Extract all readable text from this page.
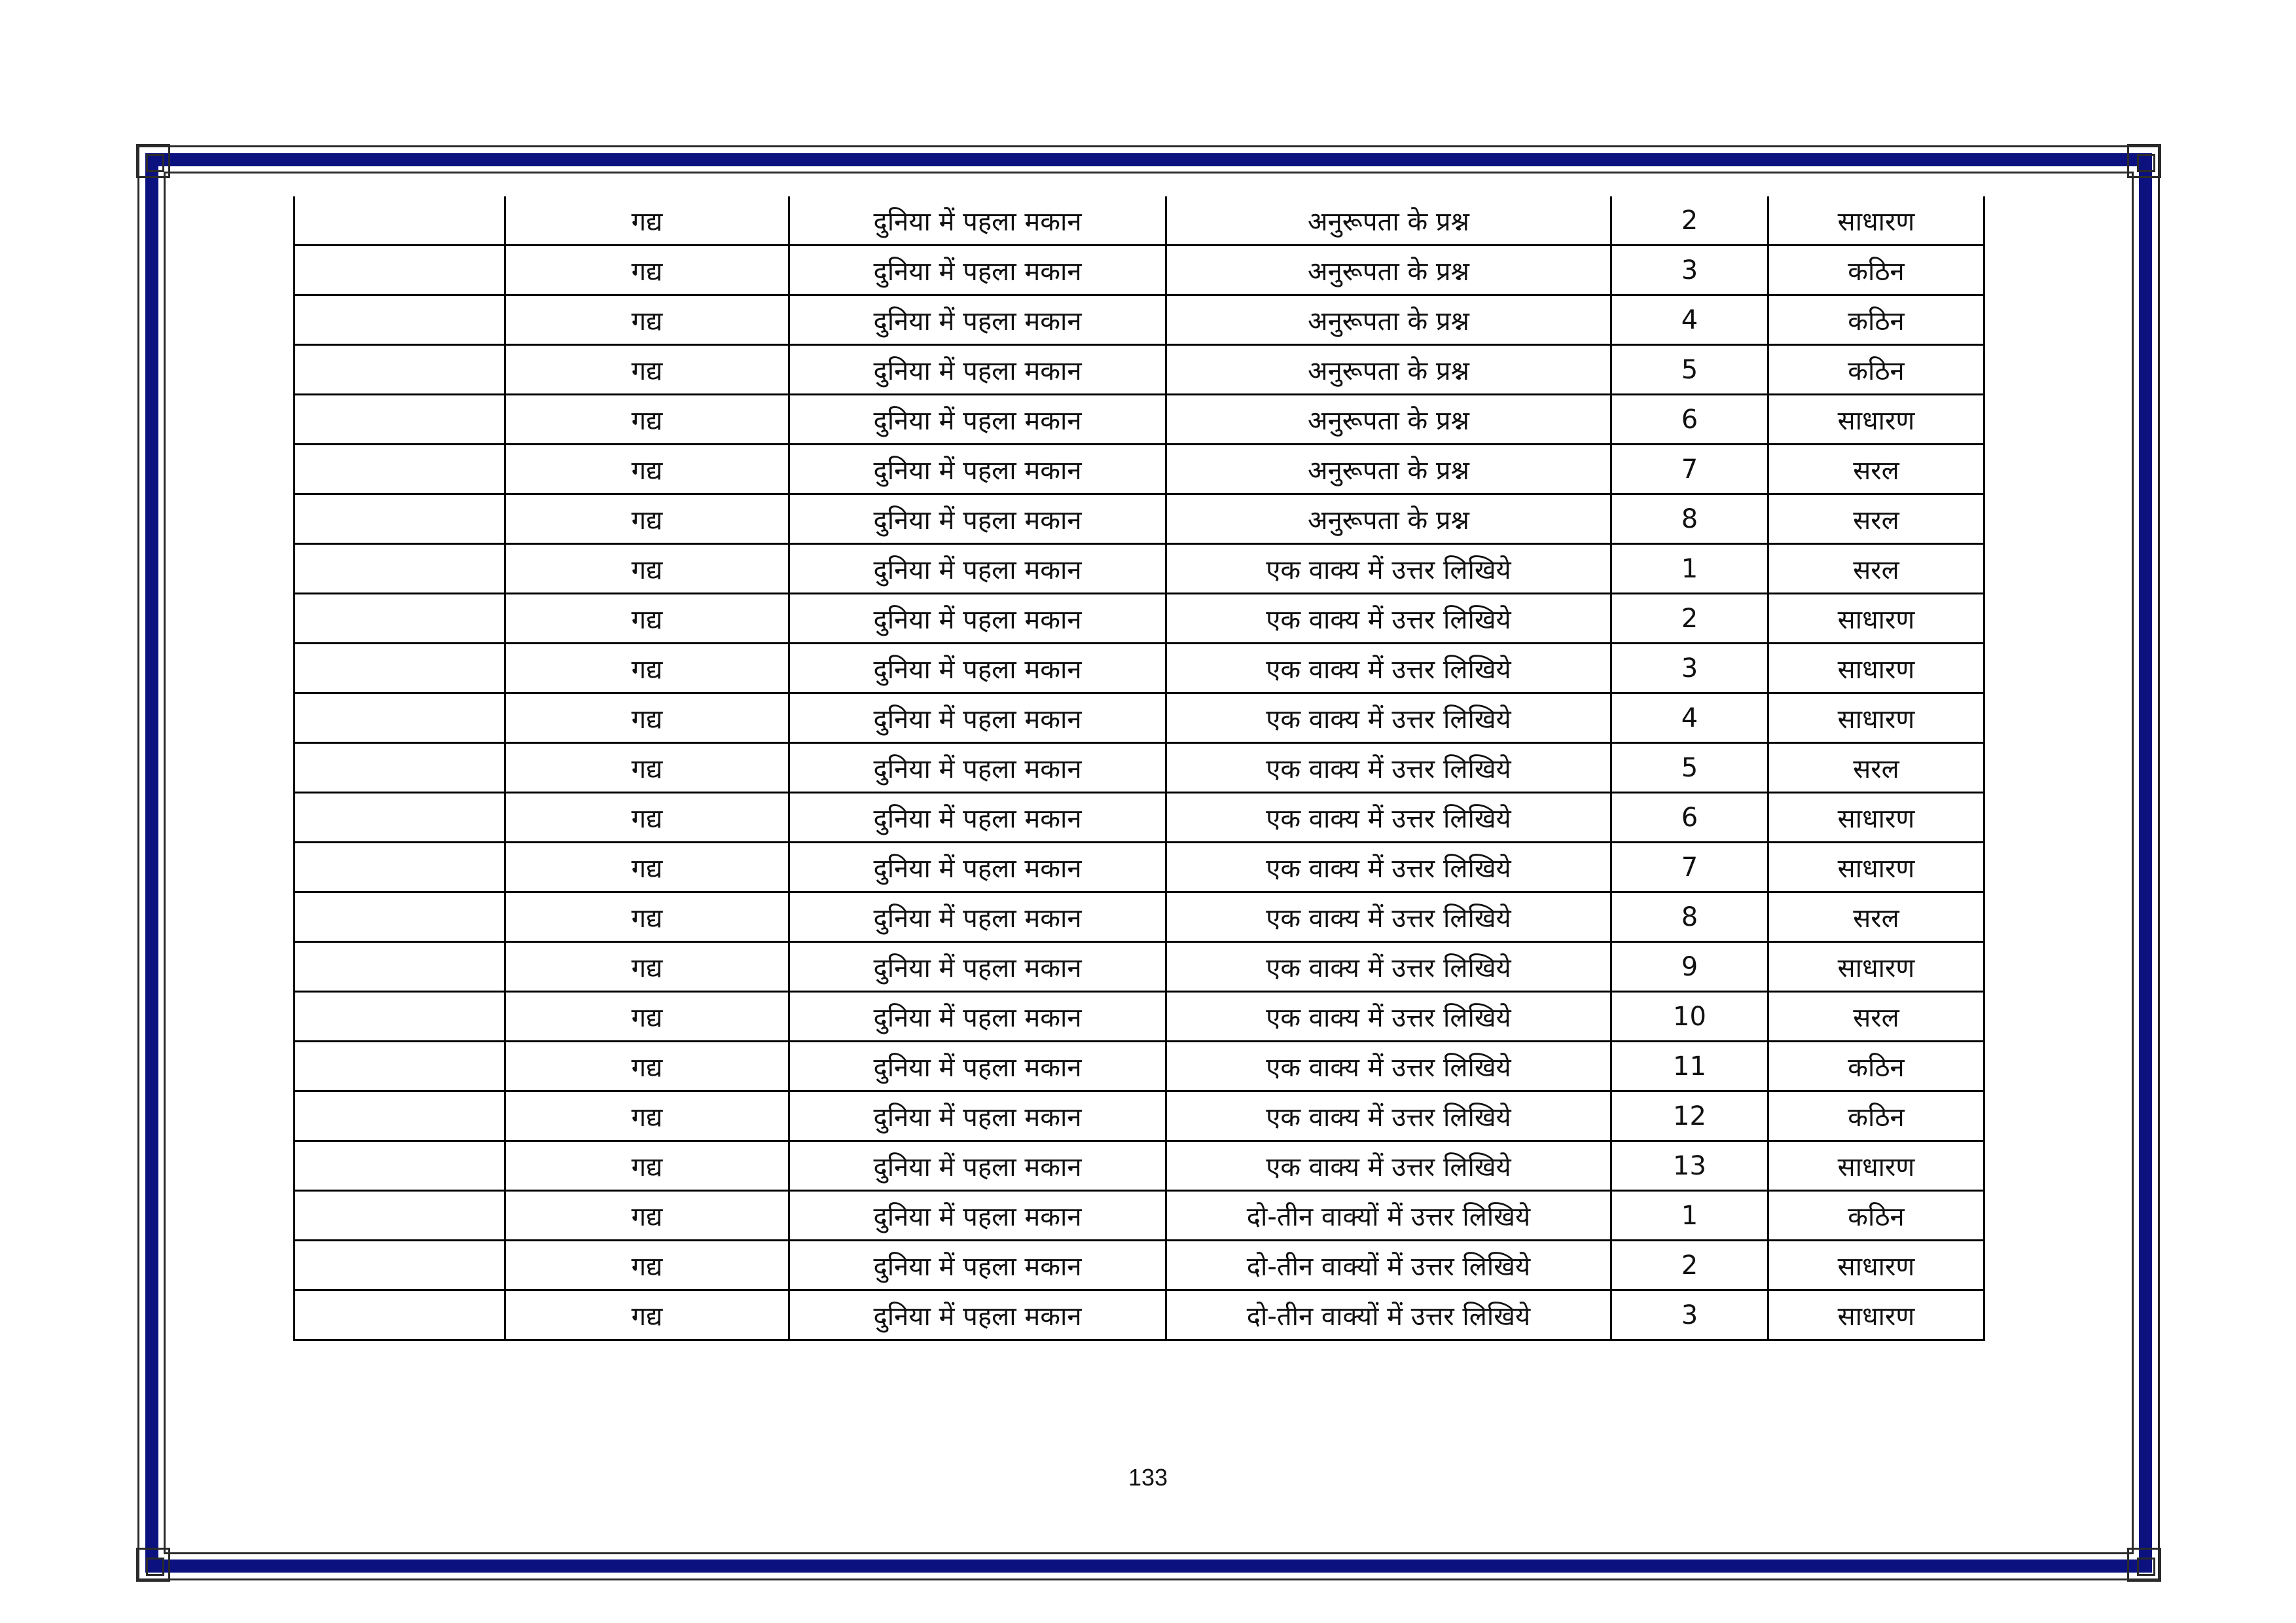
	गद्य	दुनिया में पहला मकान	अनुरूपता के प्रश्न	2	साधारण
	गद्य	दुनिया में पहला मकान	अनुरूपता के प्रश्न	3	कठिन
	गद्य	दुनिया में पहला मकान	अनुरूपता के प्रश्न	4	कठिन
	गद्य	दुनिया में पहला मकान	अनुरूपता के प्रश्न	5	कठिन
	गद्य	दुनिया में पहला मकान	अनुरूपता के प्रश्न	6	साधारण
	गद्य	दुनिया में पहला मकान	अनुरूपता के प्रश्न	7	सरल
	गद्य	दुनिया में पहला मकान	अनुरूपता के प्रश्न	8	सरल
	गद्य	दुनिया में पहला मकान	एक वाक्य में उत्तर लिखिये	1	सरल
	गद्य	दुनिया में पहला मकान	एक वाक्य में उत्तर लिखिये	2	साधारण
	गद्य	दुनिया में पहला मकान	एक वाक्य में उत्तर लिखिये	3	साधारण
	गद्य	दुनिया में पहला मकान	एक वाक्य में उत्तर लिखिये	4	साधारण
	गद्य	दुनिया में पहला मकान	एक वाक्य में उत्तर लिखिये	5	सरल
	गद्य	दुनिया में पहला मकान	एक वाक्य में उत्तर लिखिये	6	साधारण
	गद्य	दुनिया में पहला मकान	एक वाक्य में उत्तर लिखिये	7	साधारण
	गद्य	दुनिया में पहला मकान	एक वाक्य में उत्तर लिखिये	8	सरल
	गद्य	दुनिया में पहला मकान	एक वाक्य में उत्तर लिखिये	9	साधारण
	गद्य	दुनिया में पहला मकान	एक वाक्य में उत्तर लिखिये	10	सरल
	गद्य	दुनिया में पहला मकान	एक वाक्य में उत्तर लिखिये	11	कठिन
	गद्य	दुनिया में पहला मकान	एक वाक्य में उत्तर लिखिये	12	कठिन
	गद्य	दुनिया में पहला मकान	एक वाक्य में उत्तर लिखिये	13	साधारण
	गद्य	दुनिया में पहला मकान	दो-तीन वाक्यों में उत्तर लिखिये	1	कठिन
	गद्य	दुनिया में पहला मकान	दो-तीन वाक्यों में उत्तर लिखिये	2	साधारण
	गद्य	दुनिया में पहला मकान	दो-तीन वाक्यों में उत्तर लिखिये	3	साधारण
133
